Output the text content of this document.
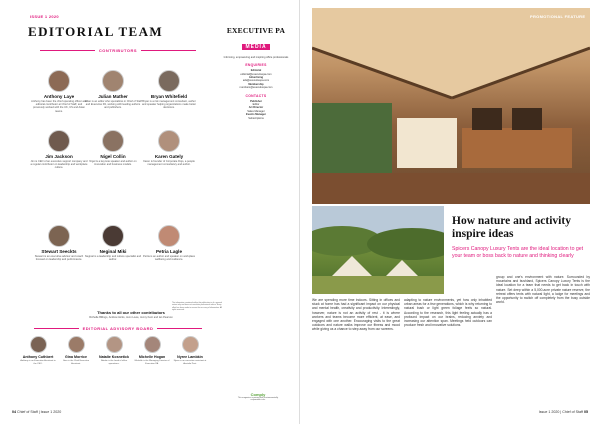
ISSUE 1 2020
EDITORIAL TEAM
CONTRIBUTORS
Anthony Laye
Anthony has been the chief operating officer and editorial contributor at Chief of Staff, and previously worked with the UK, US and Asian teams.
Julian Mather
Julian is an editor who specializes in Chief of Staff and Executive PA, working with leading authors and publishers.
Bryan Whitefield
Bryan is a risk management consultant, author and speaker helping organizations make better decisions.
Jim Jackson
Jim is CEO of an executive support company and a regular contributor on leadership and workplace culture.
Nigel Collin
Nigel is a keynote speaker and author on innovation and business models.
Karen Gately
Karen is founder of Corporate Dojo, a people management consultancy and author.
Stewart Seeckts
Stewart is an executive advisor and coach focused on leadership and performance.
Neginal Miki
Neginal is a leadership and culture specialist and author.
Petria Lagle
Petria is an author and speaker on workplace wellbeing and resilience.
Thanks to all our other contributors
Richelle Billings, Andrew Hicks, Jenn Lowe, Jenny Kent and Ian Pearson
EDITORIAL ADVISORY BOARD
Anthony Cuthbert
Anthony is an Executive Assistant to the CEO.
Gina Morrice
Gina is the Chief Executive Assistant.
Natalie Kosnetick
Natalie is the head of office operations.
Michelle Hogan
Michelle is the Managing Director of Executive PA.
Nyree Lambkin
Nyree is an executive assistant at Austalia Post.
EXECUTIVE PA
MEDIA
Informing, empowering and inspiring office professionals
ENQUIRIES
Editorial
editorial@executivepa.com
Advertising
ads@executivepa.com
Membership
members@executivepa.com
CONTACTS
Publisher
Editor
Art Director
Sales Manager
Events Manager
Subscriptions
The information contained within this publication is of a general nature only and does not constitute professional advice. Every effort has been made to ensure the accuracy of information. All rights reserved.
Comply
This magazine is printed with environmentally responsible inks.
04 Chief of Staff | Issue 1 2020
PROMOTIONAL FEATURE
How nature and activity inspire ideas
Spicers Canopy Luxury Tents are the ideal location to get your team or boss back to nature and thinking clearly
We are spending more time indoors. Sitting in offices and stuck at home has had a significant impact on our physical and mental health, creativity and productivity. Interestingly, however, nature is not an activity of rest - it is where workers and teams become more efficient, at ease, and engaged with one another. Encouraging visits to the great outdoors and nature walks improve our fitness and mood while giving us a chance to step away from our screens.
adapting to nature environments, yet how only inhabited urban areas for a few generations, which is why returning to natural bush or light green foliage feels so natural. According to the research, this light feeling actually has a profound impact on our brains, reducing anxiety and increasing our attention span. Meetings held outdoors can produce fresh and innovative solutions.
group and one's environment with nature. Surrounded by mountains and bushland, Spicers Canopy Luxury Tents is the ideal location for a team that needs to get back in touch with nature. Set deep within a 5,000-acre private nature reserve, the retreat offers tents with natural light, a lodge for meetings and the opportunity to switch off completely from the busy outside world.
Issue 1 2020 | Chief of Staff 05
